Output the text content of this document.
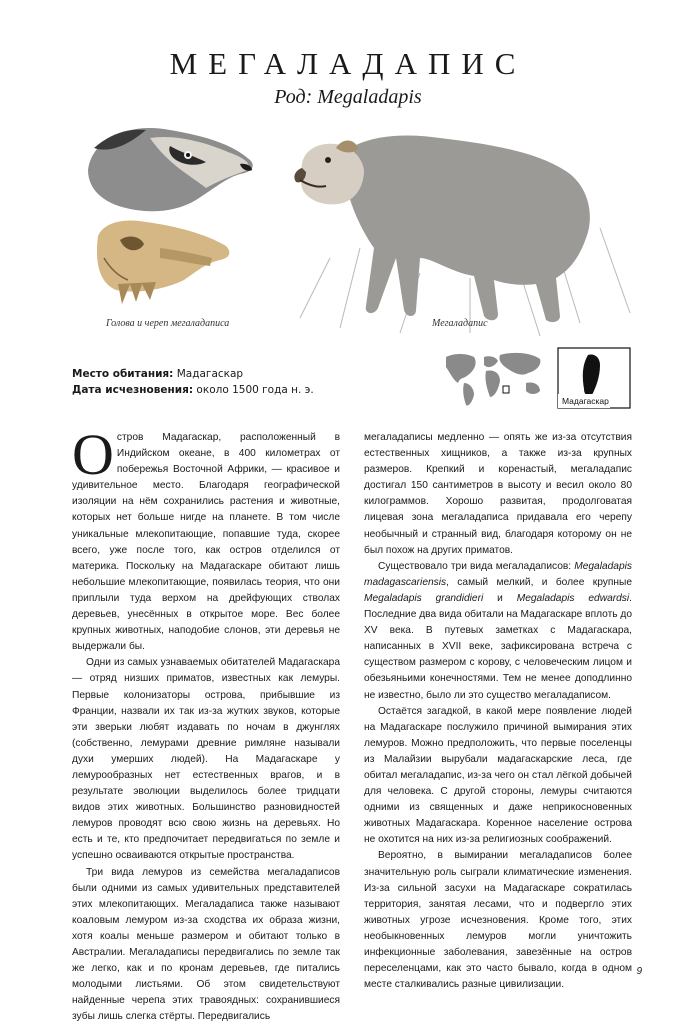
МЕГАЛАДАПИС
Род: Megaladapis
Голова и череп мегаладаписа	Мегаладапис
Место обитания: Мадагаскар
Дата исчезновения: около 1500 года н. э.
Мадагаскар

Остров Мадагаскар, расположенный в Индийском океане, в 400 километрах от побережья Восточной Африки, — красивое и удивительное место. Благодаря географической изоляции на нём сохранились растения и животные, которых нет больше нигде на планете. В том числе уникальные млекопитающие, попавшие туда, скорее всего, уже после того, как остров отделился от материка. Поскольку на Мадагаскаре обитают лишь небольшие млекопитающие, появилась теория, что они приплыли туда верхом на дрейфующих стволах деревьев, унесённых в открытое море. Вес более крупных животных, наподобие слонов, эти деревья не выдержали бы.

Одни из самых узнаваемых обитателей Мадагаскара — отряд низших приматов, известных как лемуры. Первые колонизаторы острова, прибывшие из Франции, назвали их так из-за жутких звуков, которые эти зверьки любят издавать по ночам в джунглях (собственно, лемурами древние римляне называли духи умерших людей). На Мадагаскаре у лемурообразных нет естественных врагов, и в результате эволюции выделилось более тридцати видов этих животных. Большинство разновидностей лемуров проводят всю свою жизнь на деревьях. Но есть и те, кто предпочитает передвигаться по земле и успешно осваиваются открытые пространства.

Три вида лемуров из семейства мегаладаписов были одними из самых удивительных представителей этих млекопитающих. Мегаладаписа также называют коаловым лемуром из-за сходства их образа жизни, хотя коалы меньше размером и обитают только в Австралии. Мегаладаписы передвигались по земле так же легко, как и по кронам деревьев, где питались молодыми листьями. Об этом свидетельствуют найденные черепа этих травоядных: сохранившиеся зубы лишь слегка стёрты. Передвигались

мегаладаписы медленно — опять же из-за отсутствия естественных хищников, а также из-за крупных размеров. Крепкий и коренастый, мегаладапис достигал 150 сантиметров в высоту и весил около 80 килограммов. Хорошо развитая, продолговатая лицевая зона мегаладаписа придавала его черепу необычный и странный вид, благодаря которому он не был похож на других приматов.

Существовало три вида мегаладаписов: Megaladapis madagascariensis, самый мелкий, и более крупные Megaladapis grandidieri и Megaladapis edwardsi. Последние два вида обитали на Мадагаскаре вплоть до XV века. В путевых заметках с Мадагаскара, написанных в XVII веке, зафиксирована встреча с существом размером с корову, с человеческим лицом и обезьяньими конечностями. Тем не менее доподлинно не известно, было ли это существо мегаладаписом.

Остаётся загадкой, в какой мере появление людей на Мадагаскаре послужило причиной вымирания этих лемуров. Можно предположить, что первые поселенцы из Малайзии вырубали мадагаскарские леса, где обитал мегаладапис, из-за чего он стал лёгкой добычей для человека. С другой стороны, лемуры считаются одними из священных и даже неприкосновенных животных Мадагаскара. Коренное население острова не охотится на них из-за религиозных соображений.

Вероятно, в вымирании мегаладаписов более значительную роль сыграли климатические изменения. Из-за сильной засухи на Мадагаскаре сократилась территория, занятая лесами, что и подвергло этих животных угрозе исчезновения. Кроме того, этих необыкновенных лемуров могли уничтожить инфекционные заболевания, завезённые на остров переселенцами, как это часто бывало, когда в одном месте сталкивались разные цивилизации.

9
